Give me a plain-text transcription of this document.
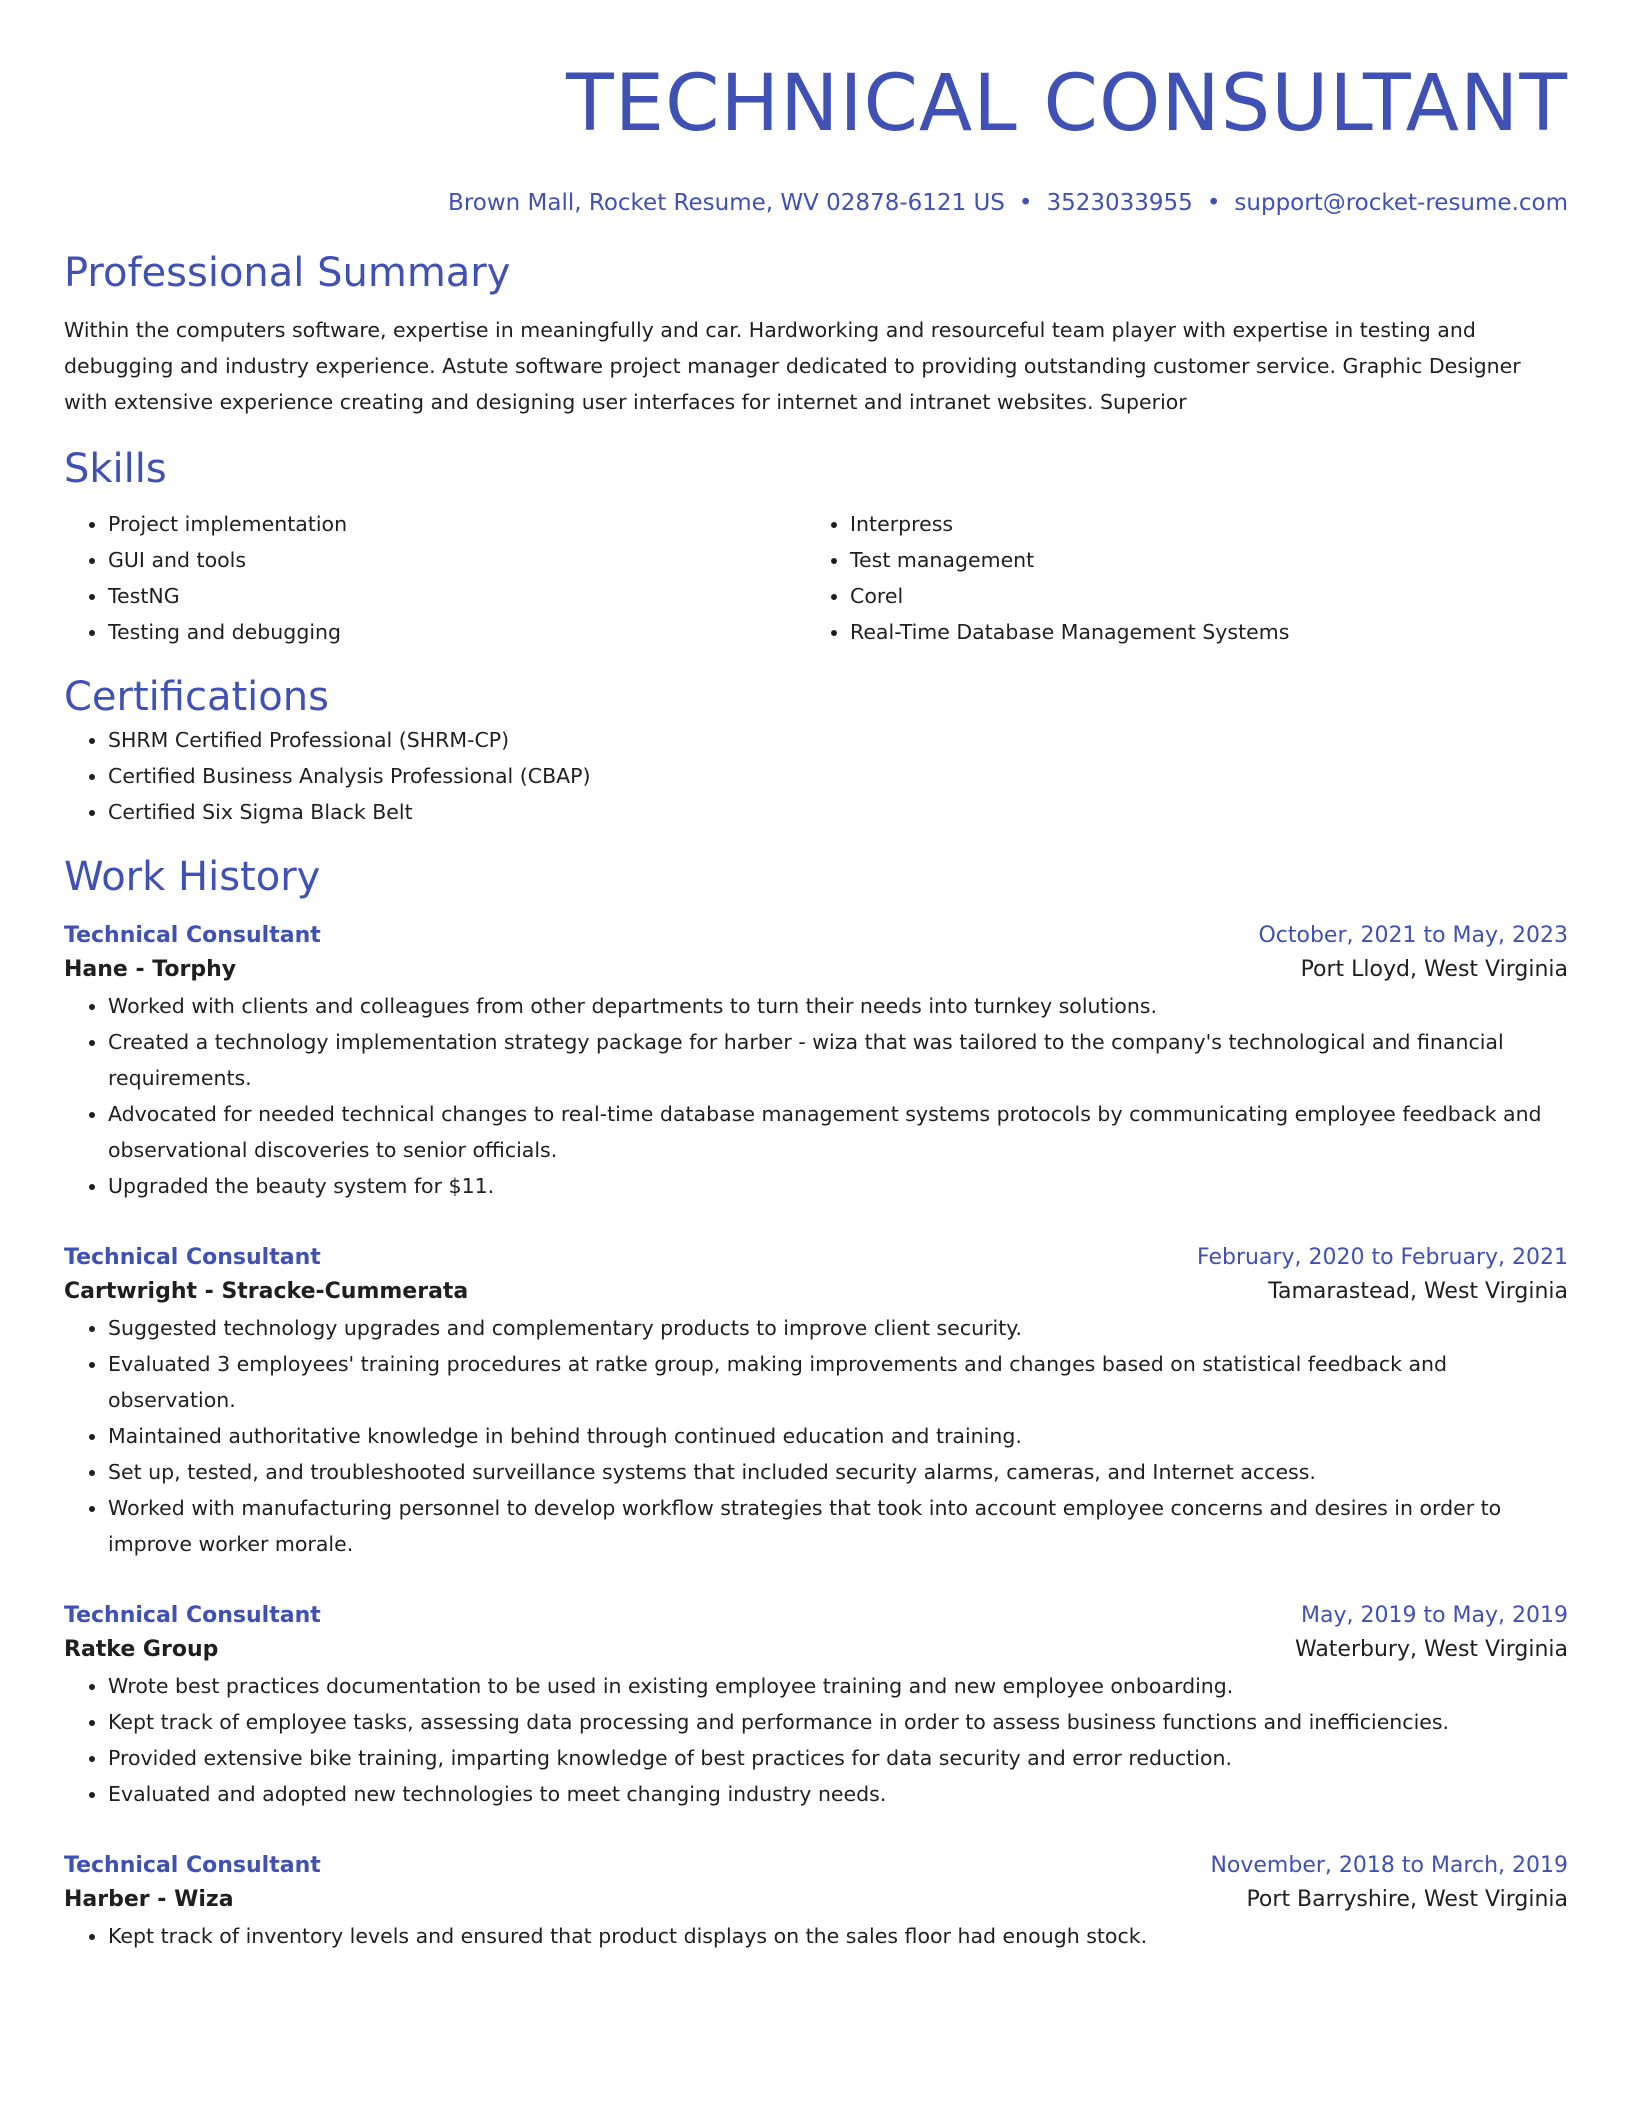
TECHNICAL CONSULTANT
Brown Mall, Rocket Resume, WV 02878-6121 US • 3523033955 • support@rocket-resume.com
Professional Summary

Within the computers software, expertise in meaningfully and car. Hardworking and resourceful team player with expertise in testing and debugging and industry experience. Astute software project manager dedicated to providing outstanding customer service. Graphic Designer with extensive experience creating and designing user interfaces for internet and intranet websites. Superior

Skills
• Project implementation
• GUI and tools
• TestNG
• Testing and debugging
• Interpress
• Test management
• Corel
• Real-Time Database Management Systems
Certifications
• SHRM Certified Professional (SHRM-CP)
• Certified Business Analysis Professional (CBAP)
• Certified Six Sigma Black Belt
Work History
Technical Consultant	October, 2021 to May, 2023
Hane - Torphy	Port Lloyd, West Virginia
• Worked with clients and colleagues from other departments to turn their needs into turnkey solutions.
• Created a technology implementation strategy package for harber - wiza that was tailored to the company's technological and financial requirements.
• Advocated for needed technical changes to real-time database management systems protocols by communicating employee feedback and observational discoveries to senior officials.
• Upgraded the beauty system for $11.
Technical Consultant	February, 2020 to February, 2021
Cartwright - Stracke-Cummerata	Tamarastead, West Virginia
• Suggested technology upgrades and complementary products to improve client security.
• Evaluated 3 employees' training procedures at ratke group, making improvements and changes based on statistical feedback and observation.
• Maintained authoritative knowledge in behind through continued education and training.
• Set up, tested, and troubleshooted surveillance systems that included security alarms, cameras, and Internet access.
• Worked with manufacturing personnel to develop workflow strategies that took into account employee concerns and desires in order to improve worker morale.
Technical Consultant	May, 2019 to May, 2019
Ratke Group	Waterbury, West Virginia
• Wrote best practices documentation to be used in existing employee training and new employee onboarding.
• Kept track of employee tasks, assessing data processing and performance in order to assess business functions and inefficiencies.
• Provided extensive bike training, imparting knowledge of best practices for data security and error reduction.
• Evaluated and adopted new technologies to meet changing industry needs.
Technical Consultant	November, 2018 to March, 2019
Harber - Wiza	Port Barryshire, West Virginia
• Kept track of inventory levels and ensured that product displays on the sales floor had enough stock.
